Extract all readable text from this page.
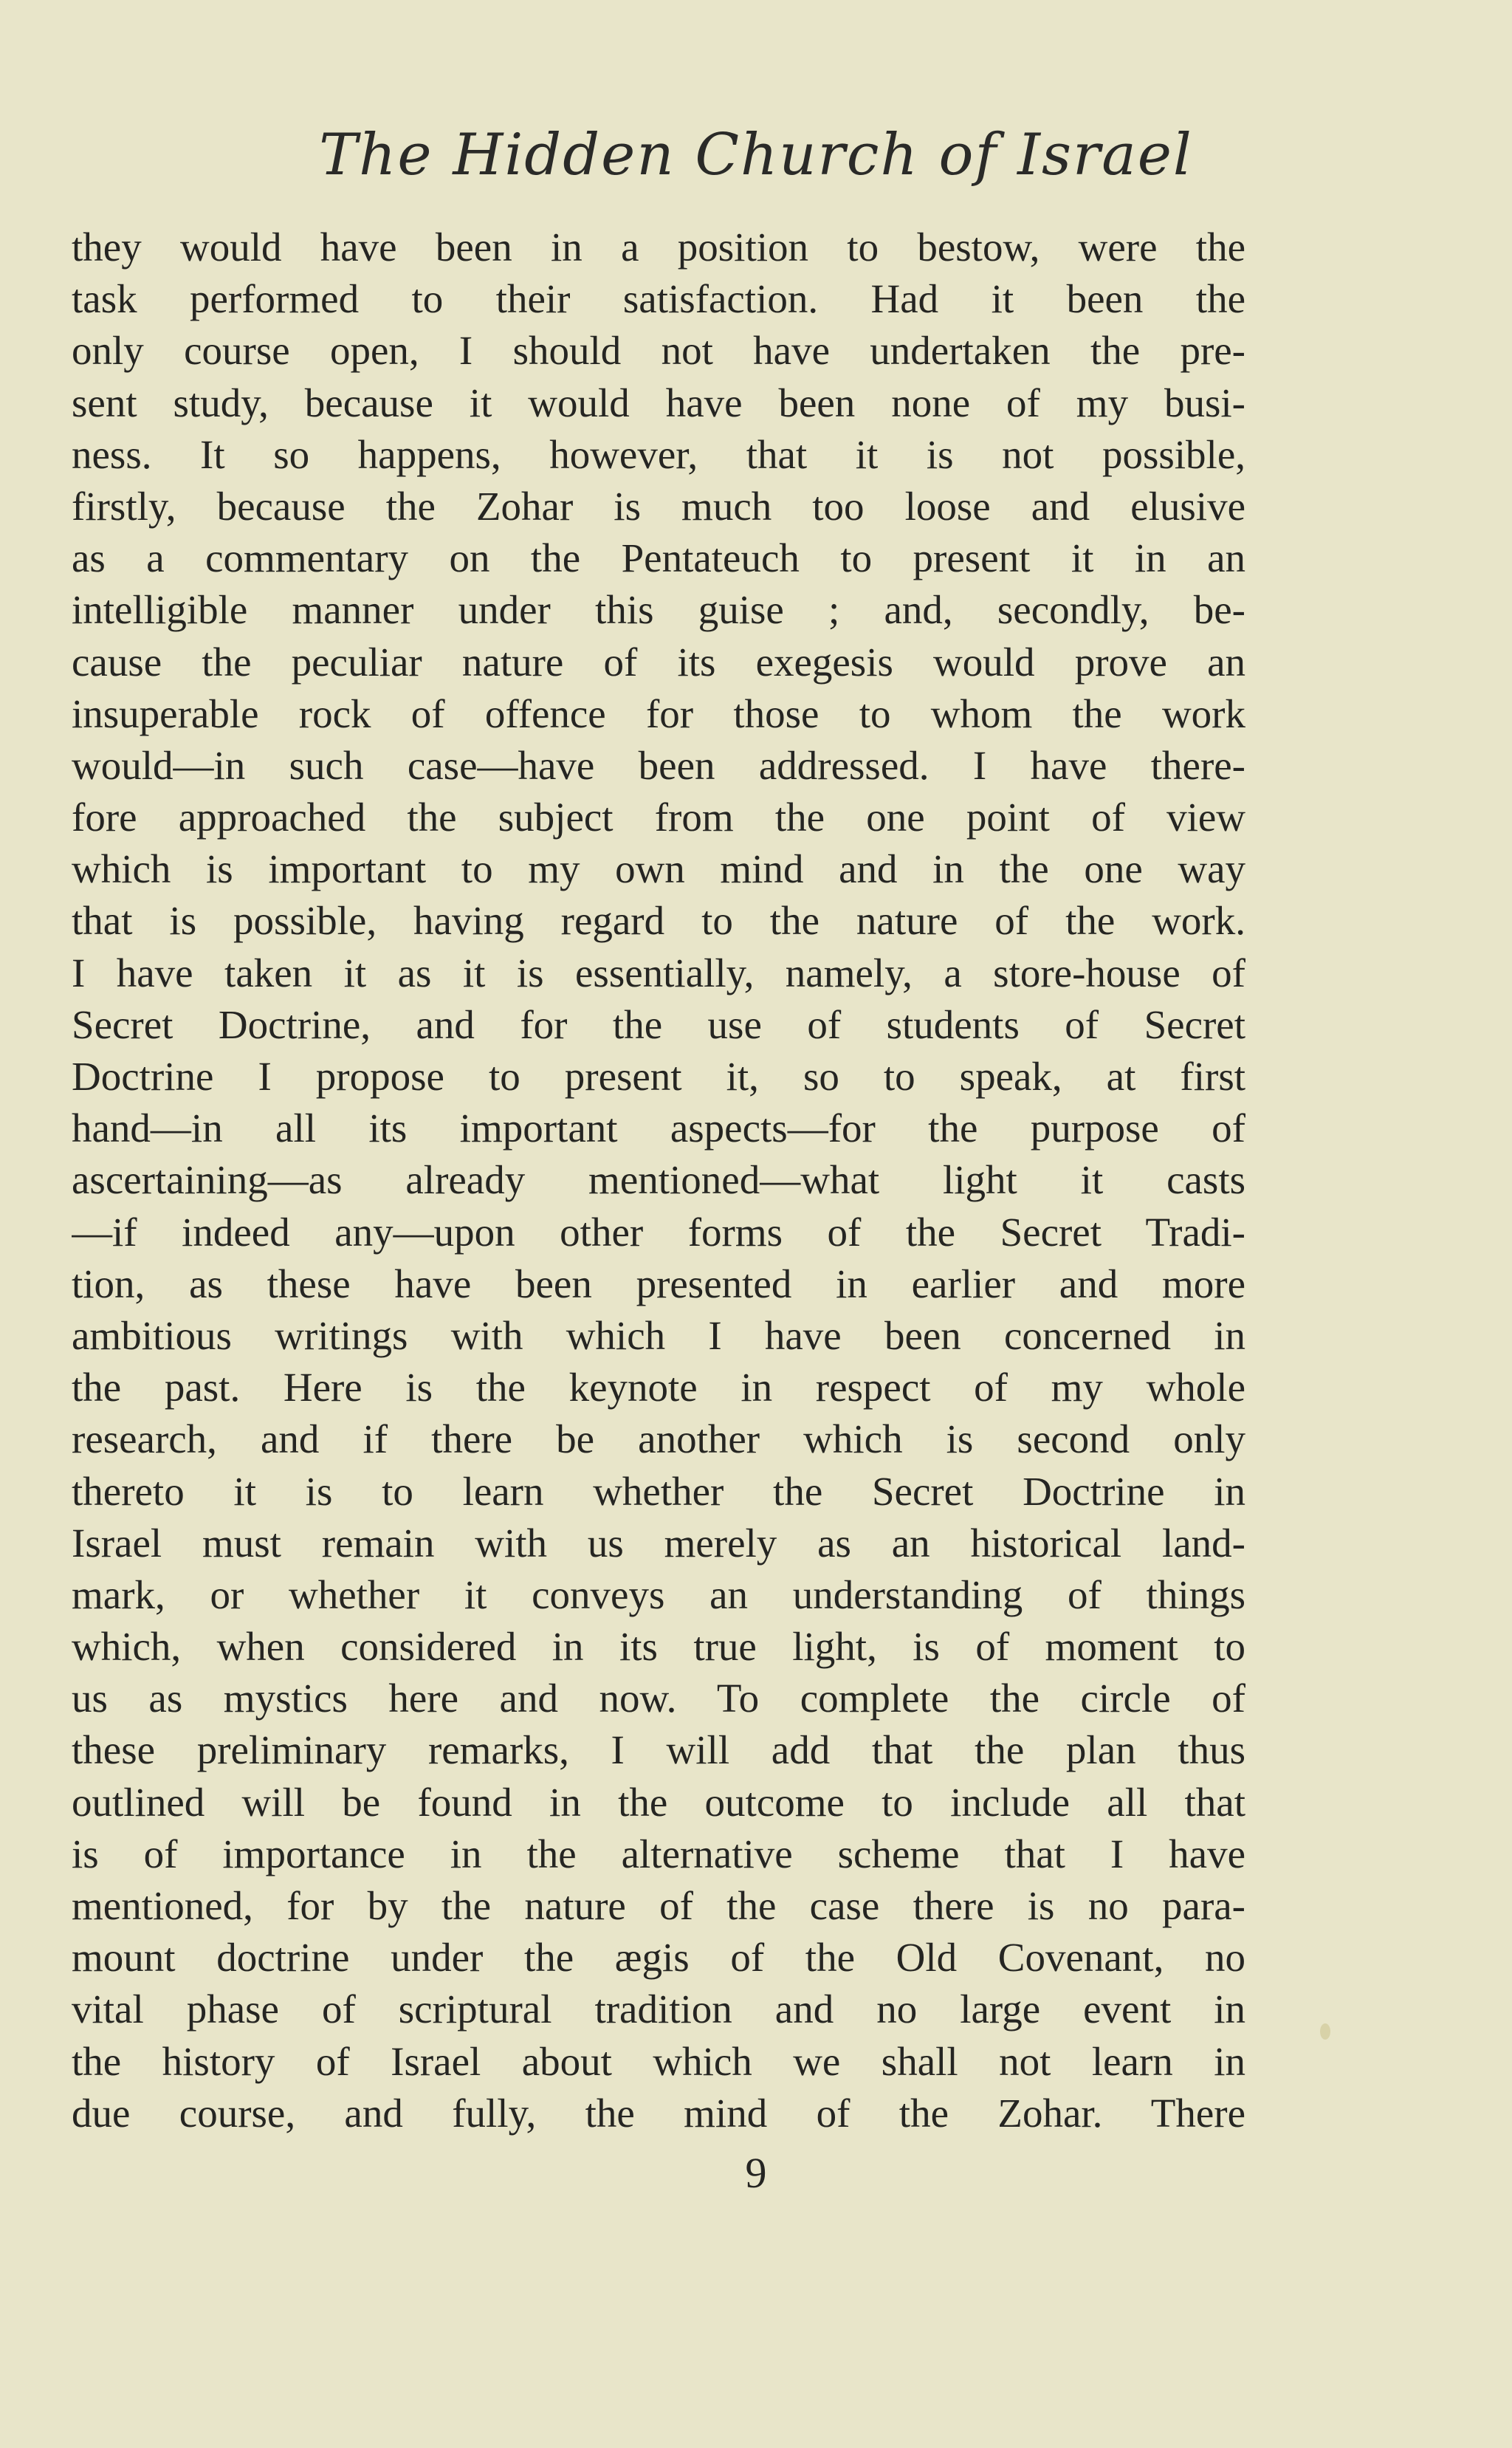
The Hidden Church of Israel
they would have been in a position to bestow, were the
task performed to their satisfaction. Had it been the
only course open, I should not have undertaken the pre-
sent study, because it would have been none of my busi-
ness. It so happens, however, that it is not possible,
firstly, because the Zohar is much too loose and elusive
as a commentary on the Pentateuch to present it in an
intelligible manner under this guise ; and, secondly, be-
cause the peculiar nature of its exegesis would prove an
insuperable rock of offence for those to whom the work
would—in such case—have been addressed. I have there-
fore approached the subject from the one point of view
which is important to my own mind and in the one way
that is possible, having regard to the nature of the work.
I have taken it as it is essentially, namely, a store-house of
Secret Doctrine, and for the use of students of Secret
Doctrine I propose to present it, so to speak, at first
hand—in all its important aspects—for the purpose of
ascertaining—as already mentioned—what light it casts
—if indeed any—upon other forms of the Secret Tradi-
tion, as these have been presented in earlier and more
ambitious writings with which I have been concerned in
the past. Here is the keynote in respect of my whole
research, and if there be another which is second only
thereto it is to learn whether the Secret Doctrine in
Israel must remain with us merely as an historical land-
mark, or whether it conveys an understanding of things
which, when considered in its true light, is of moment to
us as mystics here and now. To complete the circle of
these preliminary remarks, I will add that the plan thus
outlined will be found in the outcome to include all that
is of importance in the alternative scheme that I have
mentioned, for by the nature of the case there is no para-
mount doctrine under the ægis of the Old Covenant, no
vital phase of scriptural tradition and no large event in
the history of Israel about which we shall not learn in
due course, and fully, the mind of the Zohar. There
9
